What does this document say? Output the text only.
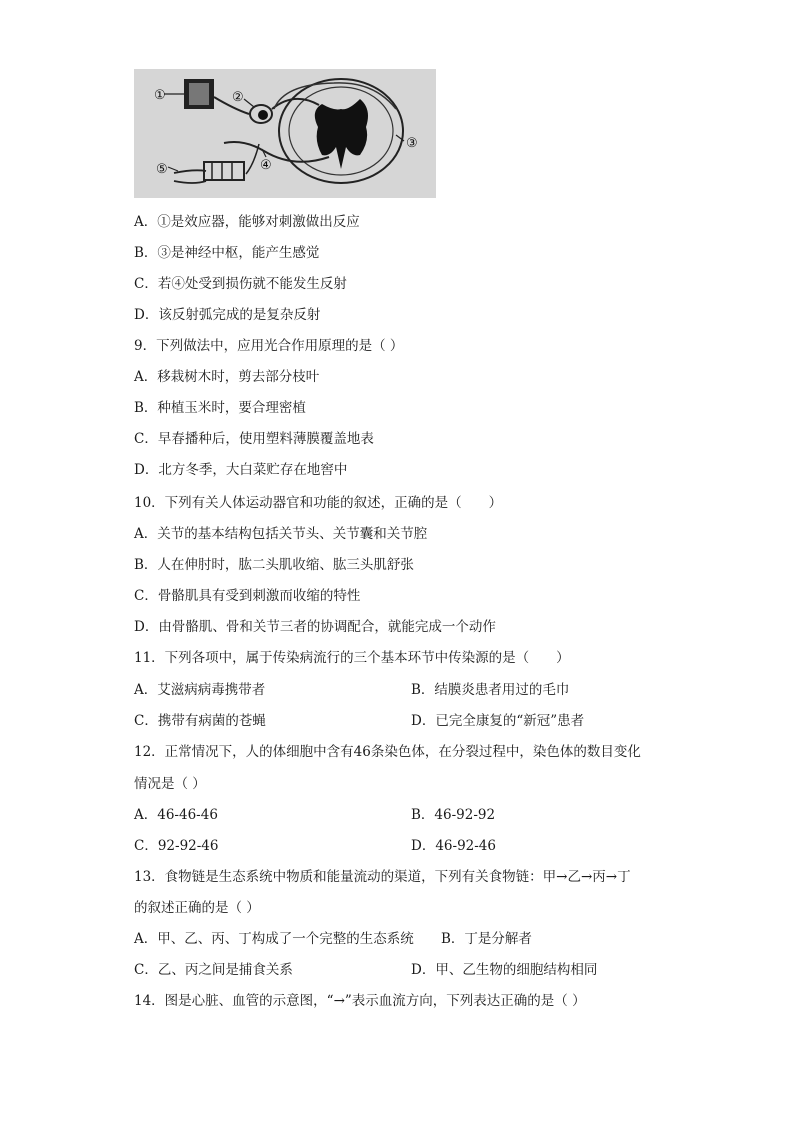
①	②
③
④
⑤
A．①是效应器，能够对刺激做出反应
B．③是神经中枢，能产生感觉
C．若④处受到损伤就不能发生反射
D．该反射弧完成的是复杂反射
9．下列做法中，应用光合作用原理的是（ ）
A．移栽树木时，剪去部分枝叶
B．种植玉米时，要合理密植
C．早春播种后，使用塑料薄膜覆盖地表
D．北方冬季，大白菜贮存在地窖中
10．下列有关人体运动器官和功能的叙述，正确的是（　　）
A．关节的基本结构包括关节头、关节囊和关节腔
B．人在伸肘时，肱二头肌收缩、肱三头肌舒张
C．骨骼肌具有受到刺激而收缩的特性
D．由骨骼肌、骨和关节三者的协调配合，就能完成一个动作
11．下列各项中，属于传染病流行的三个基本环节中传染源的是（　　）
A．艾滋病病毒携带者	B．结膜炎患者用过的毛巾
C．携带有病菌的苍蝇	D．已完全康复的“新冠”患者
12．正常情况下，人的体细胞中含有46条染色体，在分裂过程中，染色体的数目变化
情况是（ ）
A．46-46-46	B．46-92-92
C．92-92-46	D．46-92-46
13．食物链是生态系统中物质和能量流动的渠道，下列有关食物链：甲→乙→丙→丁
的叙述正确的是（ ）
A．甲、乙、丙、丁构成了一个完整的生态系统 B．丁是分解者
C．乙、丙之间是捕食关系	D．甲、乙生物的细胞结构相同
14．图是心脏、血管的示意图，“→”表示血流方向，下列表达正确的是（ ）
